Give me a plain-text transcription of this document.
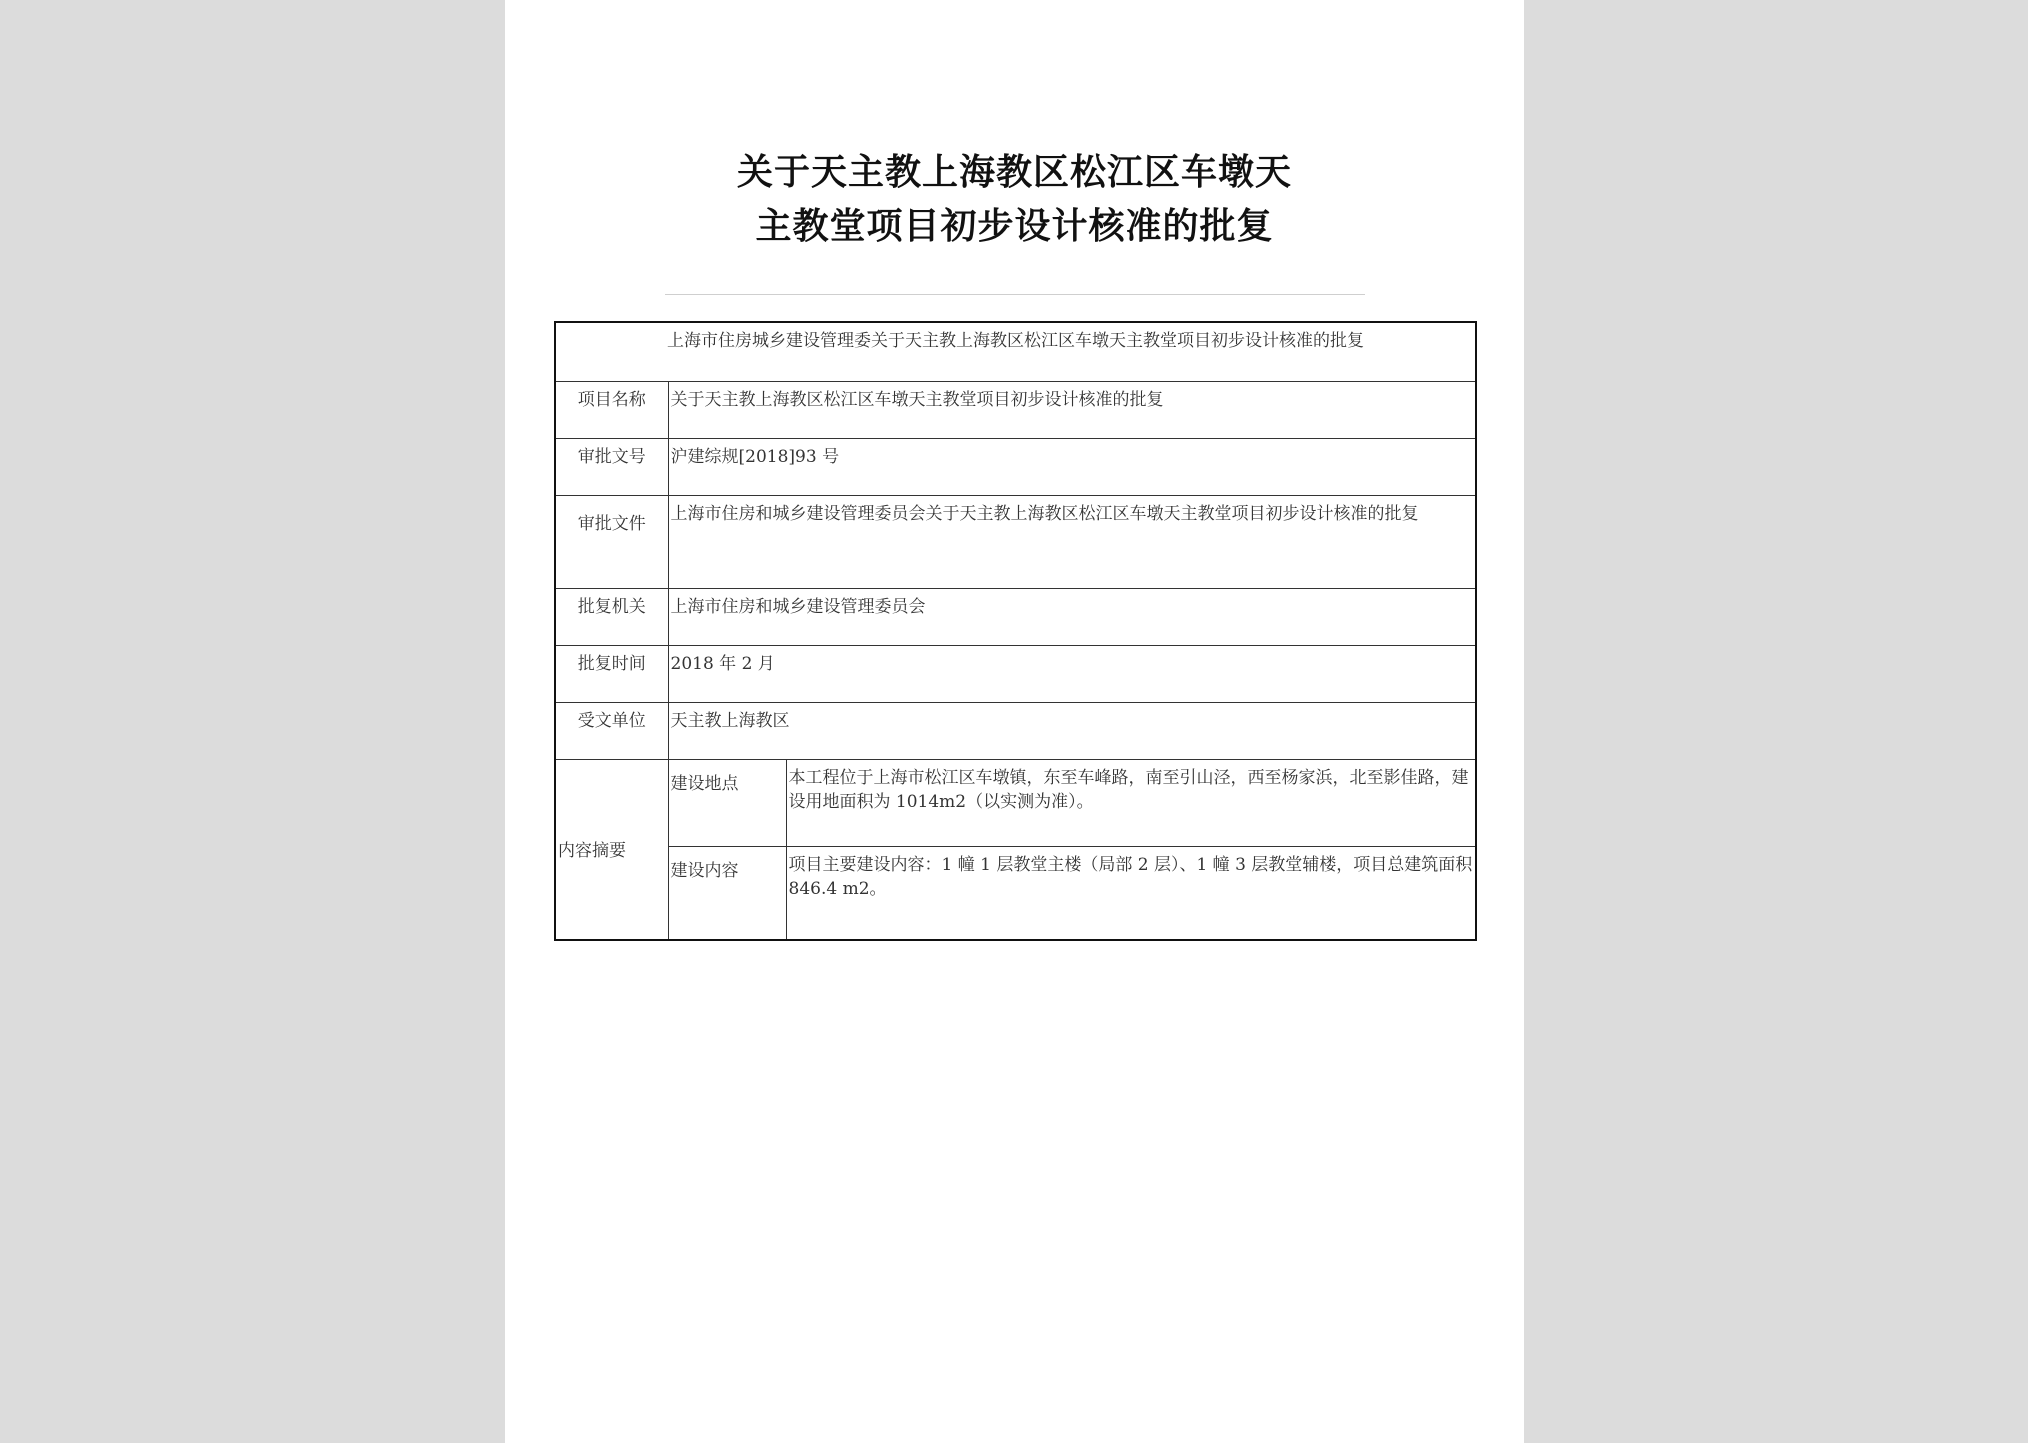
关于天主教上海教区松江区车墩天
主教堂项目初步设计核准的批复
上海市住房城乡建设管理委关于天主教上海教区松江区车墩天主教堂项目初步设计核准的批复		
项目名称	关于天主教上海教区松江区车墩天主教堂项目初步设计核准的批复	
审批文号	沪建综规[2018]93 号	
审批文件	上海市住房和城乡建设管理委员会关于天主教上海教区松江区车墩天主教堂项目初步设计核准的批复	
批复机关	上海市住房和城乡建设管理委员会	
批复时间	2018 年 2 月	
受文单位	天主教上海教区	
内容摘要	建设地点	本工程位于上海市松江区车墩镇，东至车峰路，南至引山泾，西至杨家浜，北至影佳路，建设用地面积为 1014m2（以实测为准）。
	建设内容	项目主要建设内容：1 幢 1 层教堂主楼（局部 2 层）、1 幢 3 层教堂辅楼，项目总建筑面积 846.4 m2。
